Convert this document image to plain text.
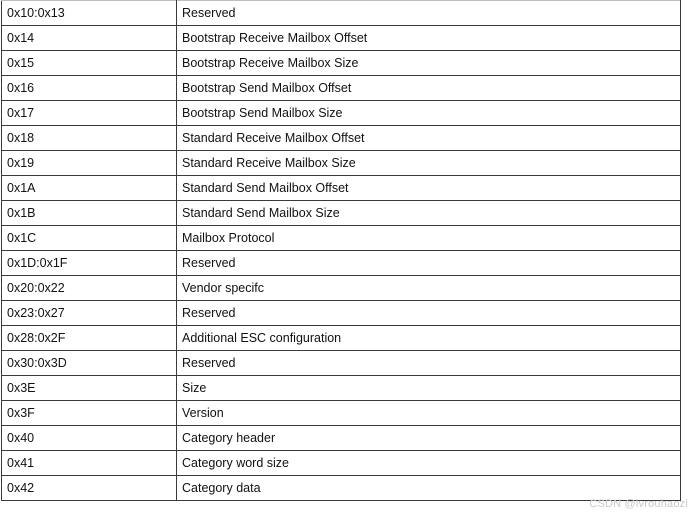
0x10:0x13	Reserved
0x14	Bootstrap Receive Mailbox Offset
0x15	Bootstrap Receive Mailbox Size
0x16	Bootstrap Send Mailbox Offset
0x17	Bootstrap Send Mailbox Size
0x18	Standard Receive Mailbox Offset
0x19	Standard Receive Mailbox Size
0x1A	Standard Send Mailbox Offset
0x1B	Standard Send Mailbox Size
0x1C	Mailbox Protocol
0x1D:0x1F	Reserved
0x20:0x22	Vendor specifc
0x23:0x27	Reserved
0x28:0x2F	Additional ESC configuration
0x30:0x3D	Reserved
0x3E	Size
0x3F	Version
0x40	Category header
0x41	Category word size
0x42	Category data
CSDN @lvrouhaozi
